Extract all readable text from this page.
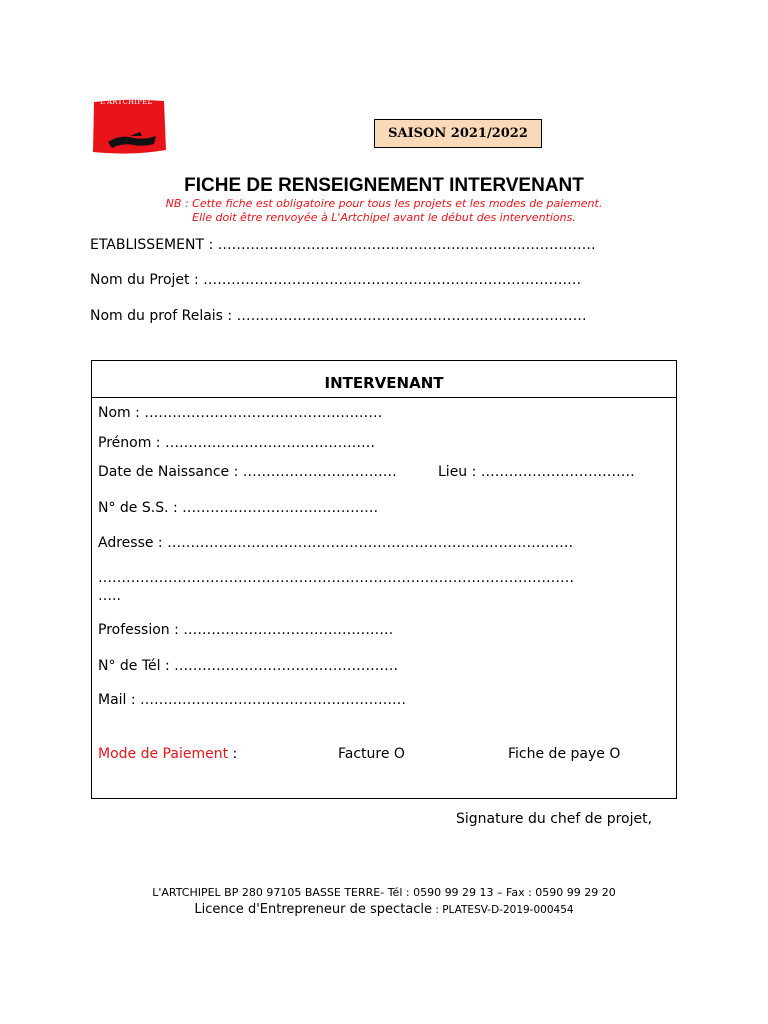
L'ARTCHIPEL
SAISON 2021/2022
FICHE DE RENSEIGNEMENT INTERVENANT
NB : Cette fiche est obligatoire pour tous les projets et les modes de paiement.
Elle doit être renvoyée à L'Artchipel avant le début des interventions.
ETABLISSEMENT : ………………………………………………………………………
Nom du Projet : ………………………………………………………………………
Nom du prof Relais : …………………………………………………………………
INTERVENANT
Nom : ……………………………………………
Prénom : ………………………………………
Date de Naissance : ……………………………	Lieu : ……………………………
N° de S.S. : ……………………………………
Adresse : ……………………………………………………………………………
…………………………………………………………………………………………
…..
Profession : ………………………………………
N° de Tél : …………………………………………
Mail : …………………………………………………
Mode de Paiement :	Facture O	Fiche de paye O
Signature du chef de projet,
L'ARTCHIPEL BP 280 97105 BASSE TERRE- Tél : 0590 99 29 13 – Fax : 0590 99 29 20
Licence d'Entrepreneur de spectacle : PLATESV-D-2019-000454
